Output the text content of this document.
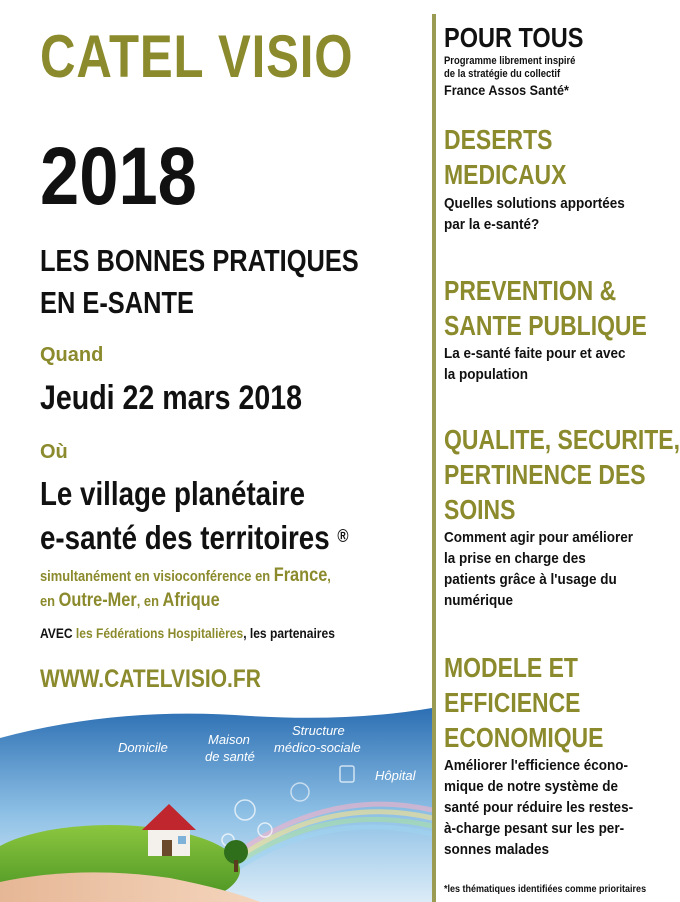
CATEL VISIO
2018
LES BONNES PRATIQUES
EN E-SANTE
Quand
Jeudi 22 mars 2018
Où
Le village planétaire
e-santé des territoires ®
simultanément en visioconférence en France,
en Outre-Mer, en Afrique
AVEC les Fédérations Hospitalières, les partenaires
WWW.CATELVISIO.FR
Domicile
Maison
de santé
Structure
médico-sociale
Hôpital
POUR TOUS
Programme librement inspiré
de la stratégie du collectif
France Assos Santé*
DESERTS
MEDICAUX
Quelles solutions apportées
par la e-santé?
PREVENTION &
SANTE PUBLIQUE
La e-santé faite pour et avec
la population
QUALITE, SECURITE,
PERTINENCE DES
SOINS
Comment agir pour améliorer
la prise en charge des
patients grâce à l'usage du
numérique
MODELE ET
EFFICIENCE
ECONOMIQUE
Améliorer l'efficience écono-
mique de notre système de
santé pour réduire les restes-
à-charge pesant sur les per-
sonnes malades
*les thématiques identifiées comme prioritaires
